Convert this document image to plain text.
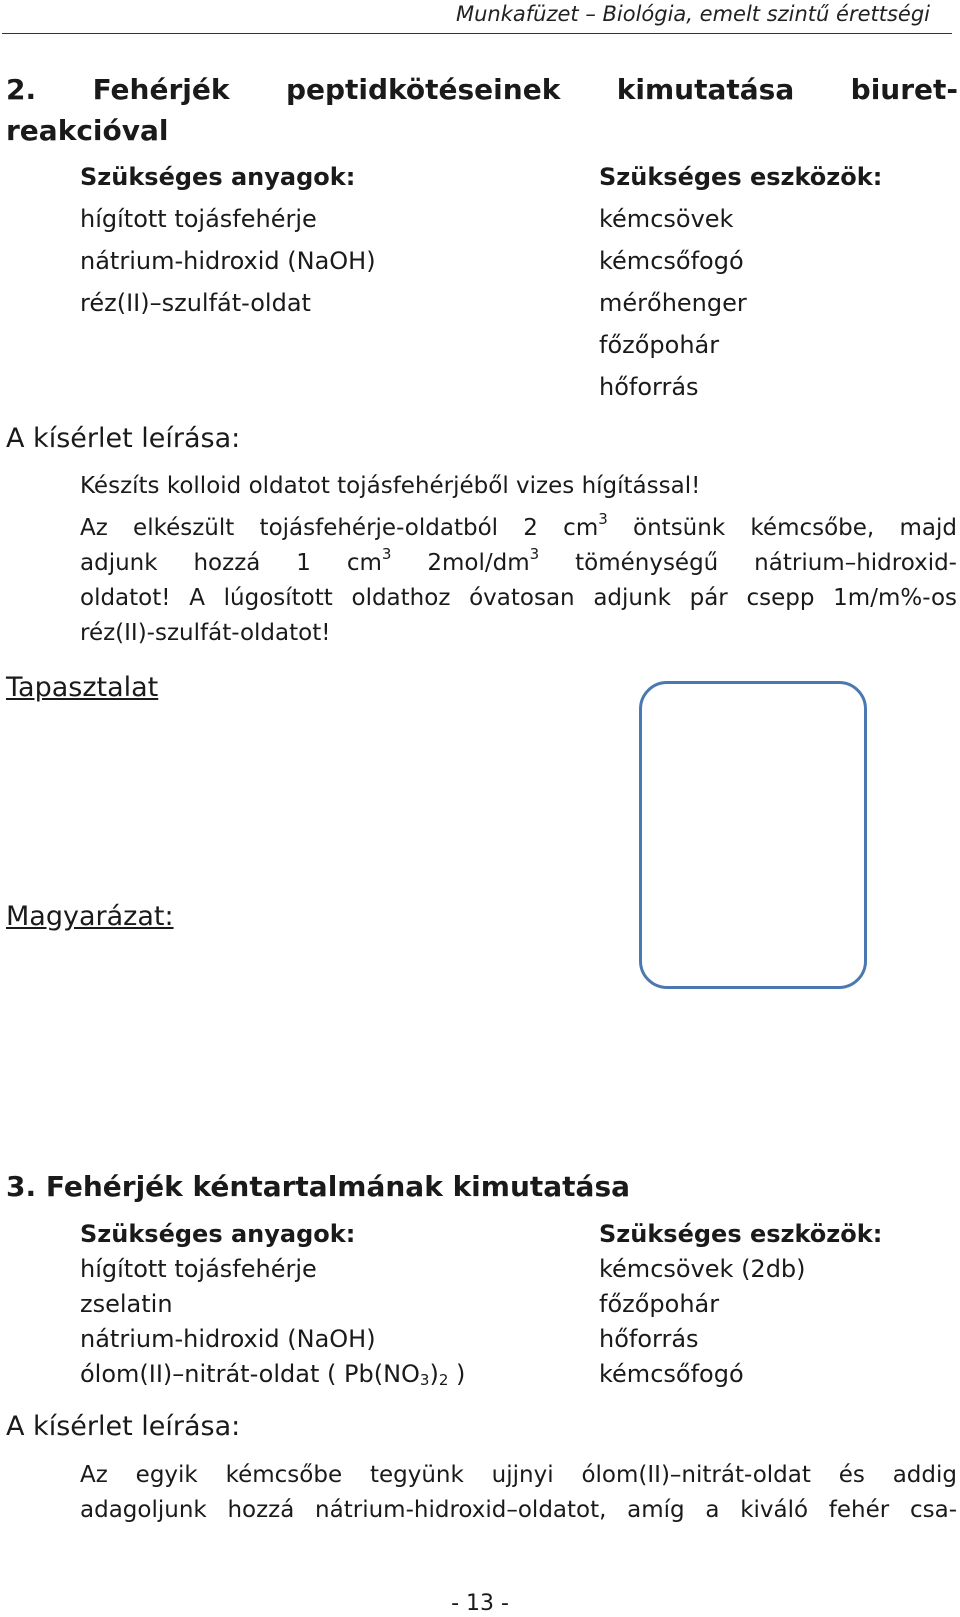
Munkafüzet – Biológia, emelt szintű érettségi
2. Fehérjék peptidkötéseinek kimutatása biuret-
reakcióval
Szükséges anyagok:
hígított tojásfehérje
nátrium-hidroxid (NaOH)
réz(II)–szulfát-oldat
Szükséges eszközök:
kémcsövek
kémcsőfogó
mérőhenger
főzőpohár
hőforrás
A kísérlet leírása:
Készíts kolloid oldatot tojásfehérjéből vizes hígítással!
Az elkészült tojásfehérje-oldatból 2 $cm^3$ öntsünk kémcsőbe, majd
adjunk hozzá 1 $cm^3$ $2mol/dm^3$ töménységű nátrium–hidroxid-
oldatot! A lúgosított oldathoz óvatosan adjunk pár csepp 1m/m%-os
réz(II)-szulfát-oldatot!
Tapasztalat
Magyarázat:
3. Fehérjék kéntartalmának kimutatása
Szükséges anyagok:
hígított tojásfehérje
zselatin
nátrium-hidroxid (NaOH)
ólom(II)–nitrát-oldat ( $Pb(NO_3)_2$ )
Szükséges eszközök:
kémcsövek (2db)
főzőpohár
hőforrás
kémcsőfogó
A kísérlet leírása:
Az egyik kémcsőbe tegyünk ujjnyi ólom(II)–nitrát-oldat és addig
adagoljunk hozzá nátrium-hidroxid–oldatot, amíg a kiváló fehér csa-
- 13 -
